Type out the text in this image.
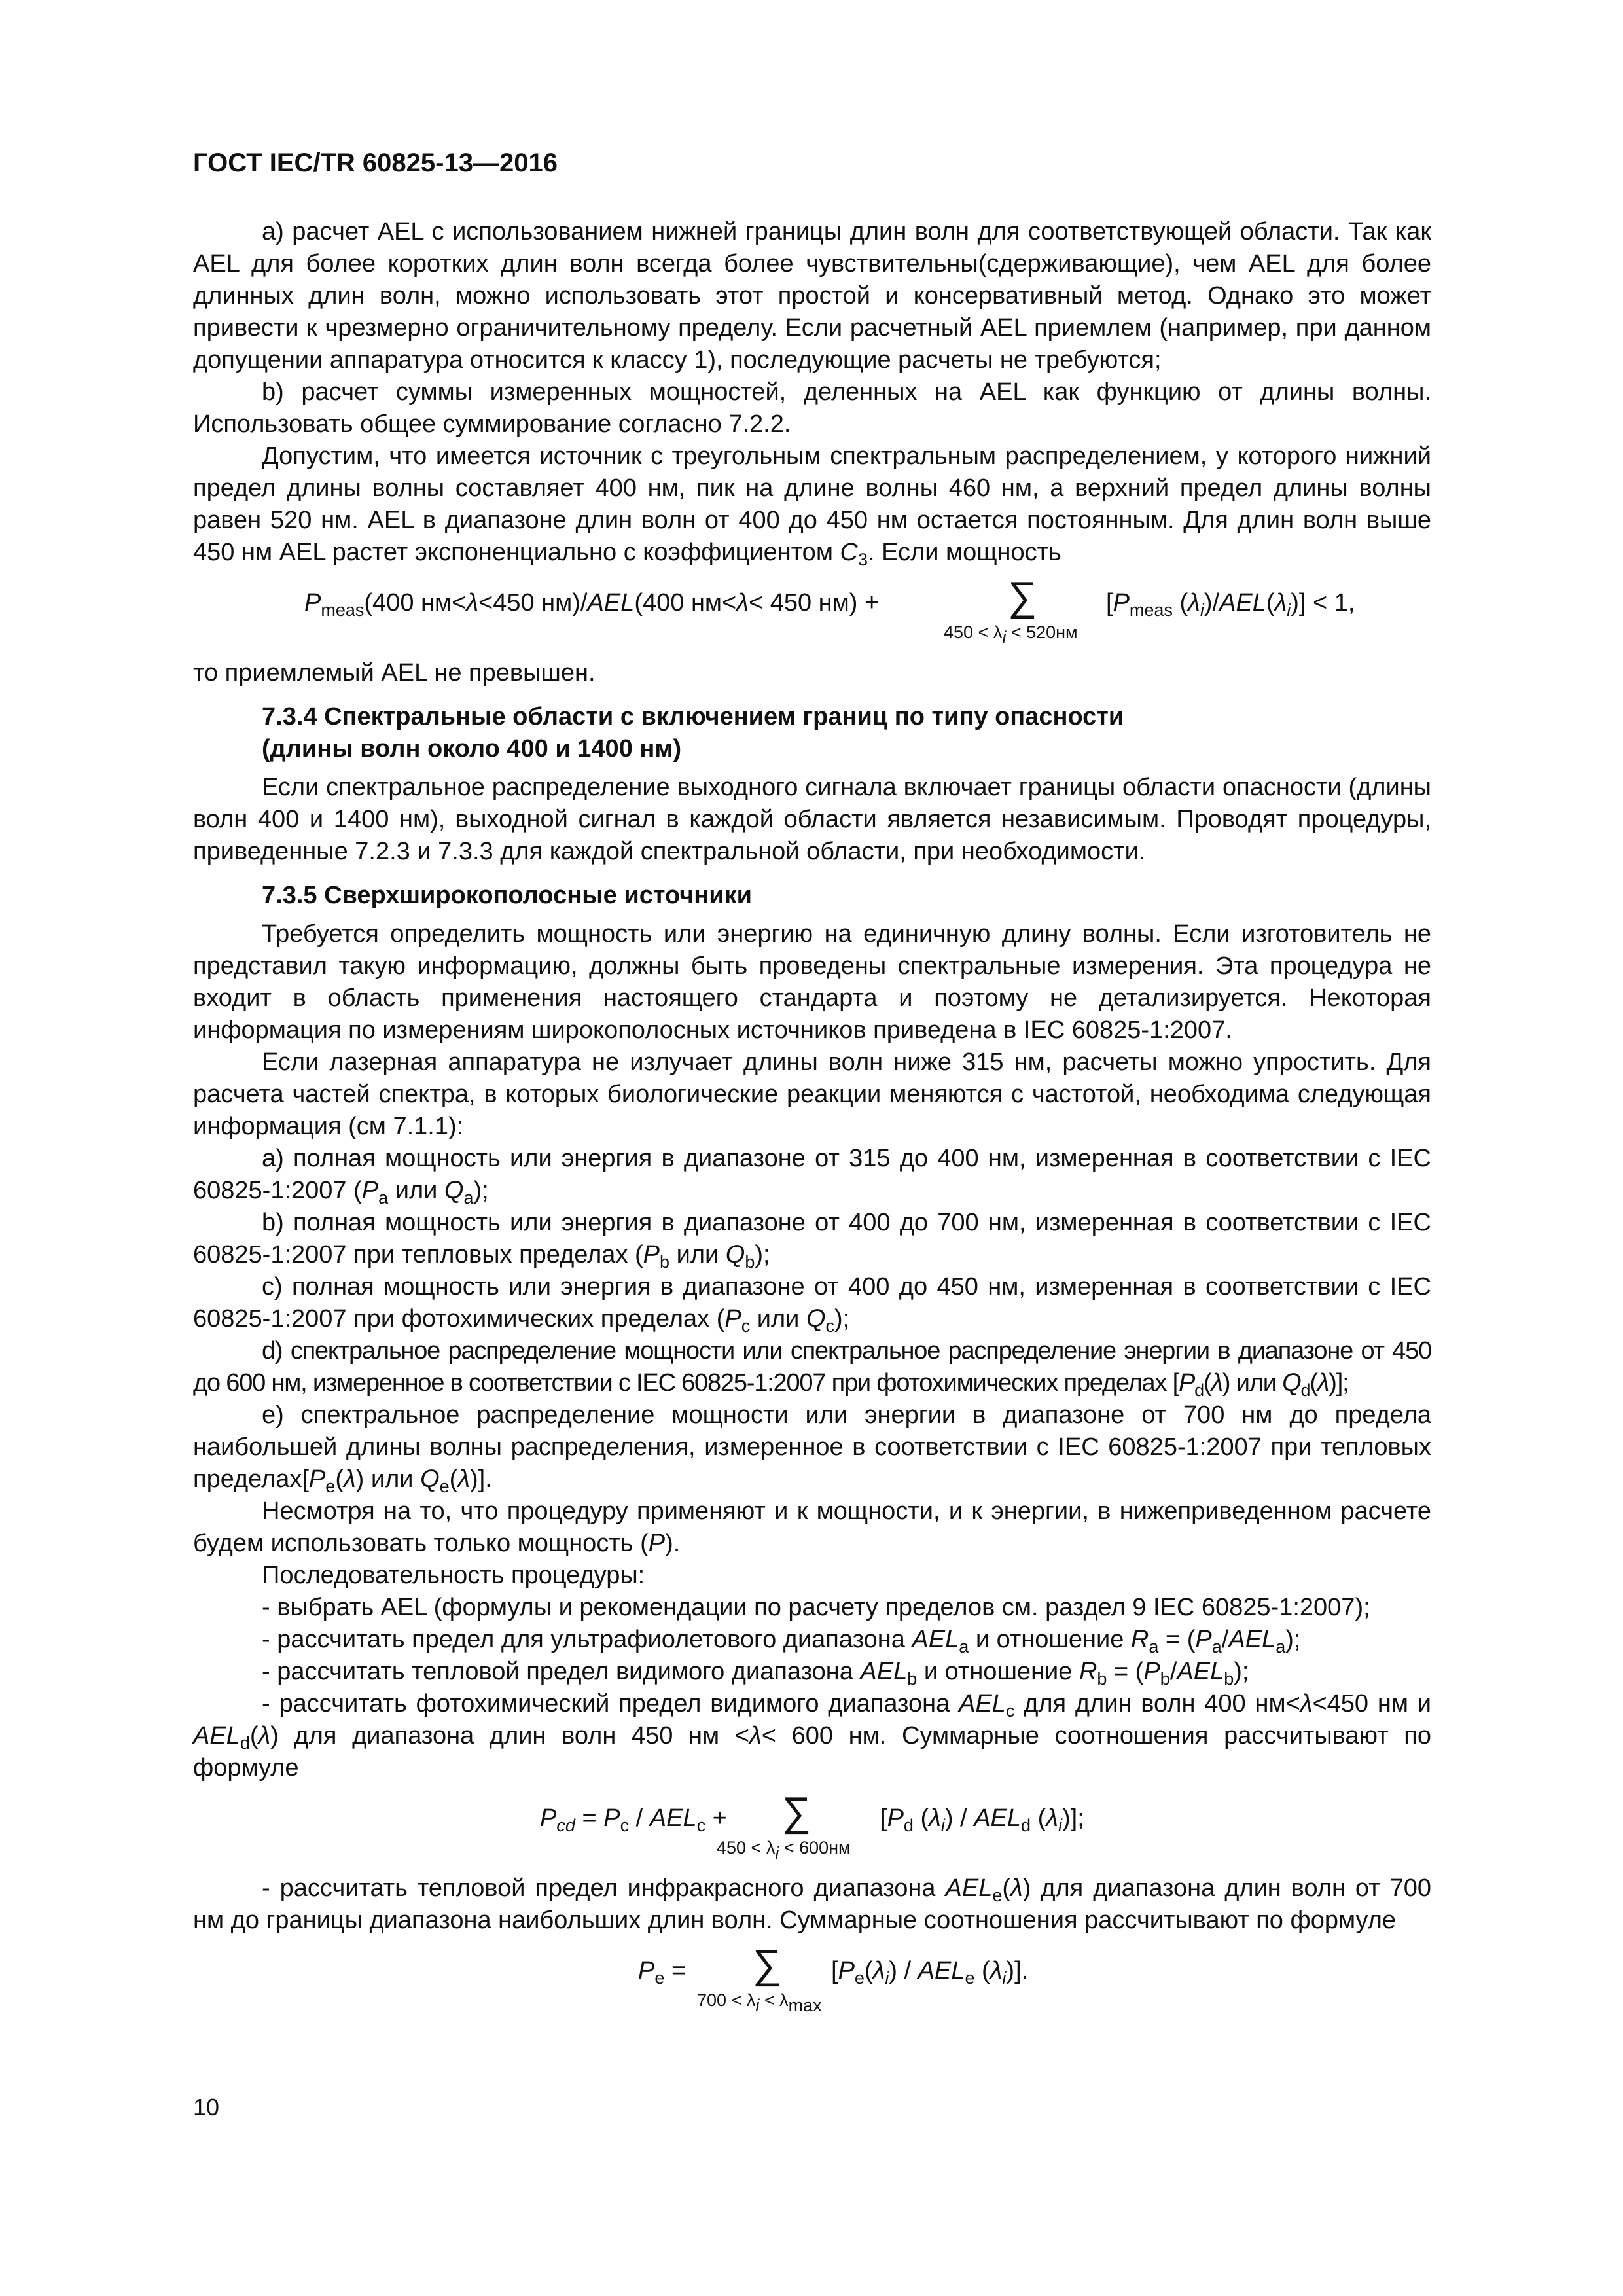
ГОСТ IEC/TR 60825-13—2016

а) расчет AEL с использованием нижней границы длин волн для соответствующей области. Так как AEL для более коротких длин волн всегда более чувствительны(сдерживающие), чем AEL для более длинных длин волн, можно использовать этот простой и консервативный метод. Однако это может привести к чрезмерно ограничительному пределу. Если расчетный AEL приемлем (например, при данном допущении аппаратура относится к классу 1), последующие расчеты не требуются;

b) расчет суммы измеренных мощностей, деленных на AEL как функцию от длины волны. Использовать общее суммирование согласно 7.2.2.

Допустим, что имеется источник с треугольным спектральным распределением, у которого нижний предел длины волны составляет 400 нм, пик на длине волны 460 нм, а верхний предел длины волны равен 520 нм. AEL в диапазоне длин волн от 400 до 450 нм остается постоянным. Для длин волн выше 450 нм AEL растет экспоненциально с коэффициентом $C_3$. Если мощность

$P_{meas}(400$ нм<λ<450 нм)/AEL(400 нм<λ< 450 нм) +	∑
$450 < \lambda_i < 520нм$
[$P_{meas}$ $(\lambda_i)/AEL(\lambda_i)] < 1$,

то приемлемый AEL не превышен.

7.3.4 Спектральные области с включением границ по типу опасности
(длины волн около 400 и 1400 нм)

Если спектральное распределение выходного сигнала включает границы области опасности (длины волн 400 и 1400 нм), выходной сигнал в каждой области является независимым. Проводят процедуры, приведенные 7.2.3 и 7.3.3 для каждой спектральной области, при необходимости.

7.3.5 Сверхширокополосные источники

Требуется определить мощность или энергию на единичную длину волны. Если изготовитель не представил такую информацию, должны быть проведены спектральные измерения. Эта процедура не входит в область применения настоящего стандарта и поэтому не детализируется. Некоторая информация по измерениям широкополосных источников приведена в IEC 60825-1:2007.

Если лазерная аппаратура не излучает длины волн ниже 315 нм, расчеты можно упростить. Для расчета частей спектра, в которых биологические реакции меняются с частотой, необходима следующая информация (см 7.1.1):

а) полная мощность или энергия в диапазоне от 315 до 400 нм, измеренная в соответствии с IEC 60825-1:2007 ($P_a$ или $Q_a$);

b) полная мощность или энергия в диапазоне от 400 до 700 нм, измеренная в соответствии с IEC 60825-1:2007 при тепловых пределах ($P_b$ или $Q_b$);

c) полная мощность или энергия в диапазоне от 400 до 450 нм, измеренная в соответствии с IEC 60825-1:2007 при фотохимических пределах ($P_c$ или $Q_c$);

d) спектральное распределение мощности или спектральное распределение энергии в диапазоне от 450 до 600 нм, измеренное в соответствии с IEC 60825-1:2007 при фотохимических пределах [$P_d(\lambda)$ или $Q_d(\lambda)$];

e) спектральное распределение мощности или энергии в диапазоне от 700 нм до предела наибольшей длины волны распределения, измеренное в соответствии с IEC 60825-1:2007 при тепловых $пределах[P_e(\lambda)$ или $Q_e(\lambda)$].

Несмотря на то, что процедуру применяют и к мощности, и к энергии, в нижеприведенном расчете будем использовать только мощность (P).

Последовательность процедуры:

- выбрать AEL (формулы и рекомендации по расчету пределов см. раздел 9 IEC 60825-1:2007);

- рассчитать предел для ультрафиолетового диапазона $AEL_a$ и отношение $R_a = (P_a/AEL_a)$;

- рассчитать тепловой предел видимого диапазона $AEL_b$ и отношение $R_b = (P_b/AEL_b)$;

- рассчитать фотохимический предел видимого диапазона $AEL_c$ для длин волн 400 нм<λ<450 нм и $AEL_d(\lambda)$ для диапазона длин волн 450 нм <λ< 600 нм. Суммарные соотношения рассчитывают по формуле

$P_{cd} = P_c / AEL_c$ + ∑
$450 < \lambda_i < 600нм$
[$P_d$ $(\lambda_i) / AEL_d$ $(\lambda_i)$];

- рассчитать тепловой предел инфракрасного диапазона $AEL_e(\lambda)$ для диапазона длин волн от 700 нм до границы диапазона наибольших длин волн. Суммарные соотношения рассчитывают по формуле

$P_e$ = ∑
$700 < \lambda_i < \lambda_{max}$
[$P_e(\lambda_i) / AEL_e$ $(\lambda_i)$].
10
